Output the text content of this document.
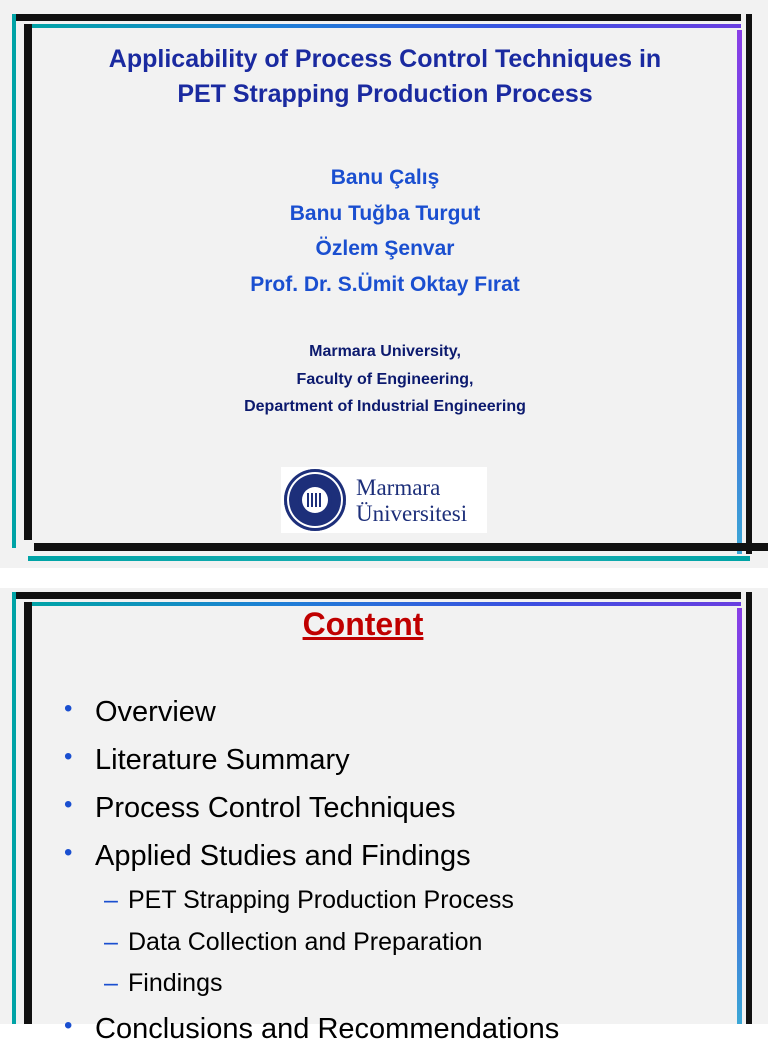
Applicability of Process Control Techniques in
PET Strapping Production Process
Banu Çalış
Banu Tuğba Turgut
Özlem Şenvar
Prof. Dr. S.Ümit Oktay Fırat
Marmara University,
Faculty of Engineering,
Department of Industrial Engineering
Marmara
Üniversitesi
Content
• Overview
• Literature Summary
• Process Control Techniques
• Applied Studies and Findings
– PET Strapping Production Process
– Data Collection and Preparation
– Findings
• Conclusions and Recommendations
